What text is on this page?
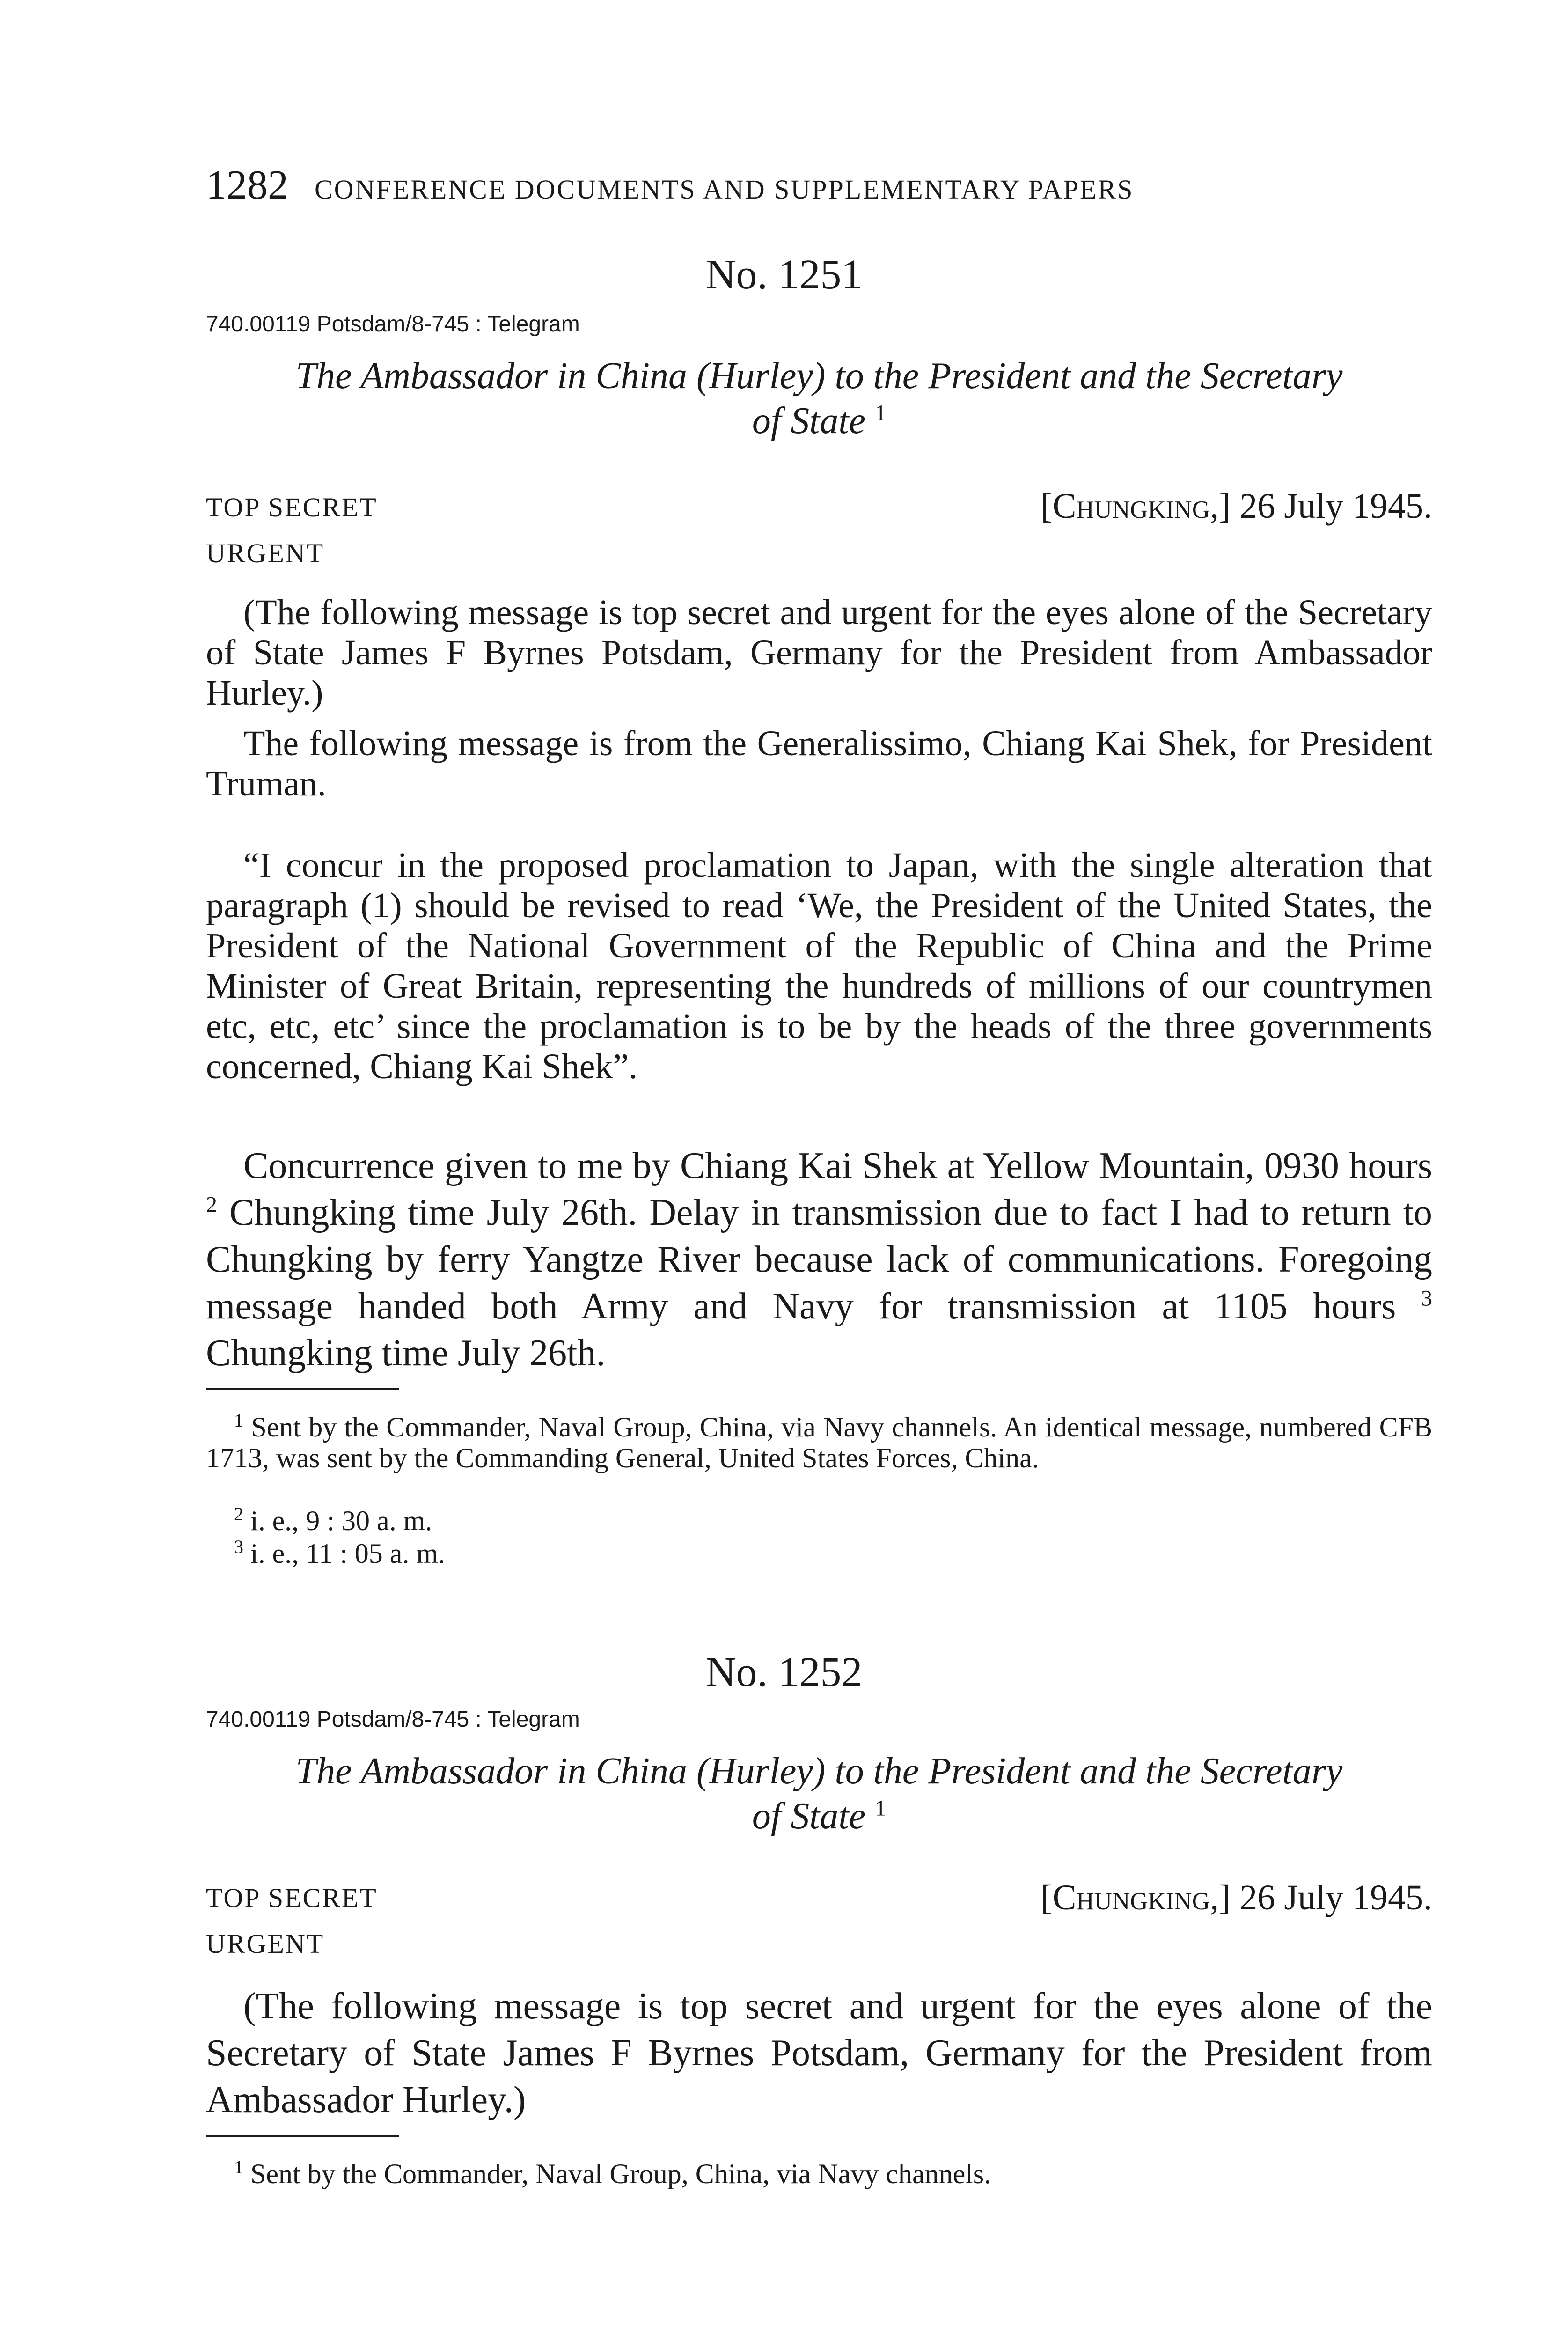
1282 CONFERENCE DOCUMENTS AND SUPPLEMENTARY PAPERS
No. 1251
740.00119 Potsdam/8-745 : Telegram
The Ambassador in China (Hurley) to the President and the Secretary
of State $^1$
TOP SECRET
URGENT
[Chungking,] 26 July 1945.
(The following message is top secret and urgent for the eyes alone of the Secretary of State James F Byrnes Potsdam, Germany for the President from Ambassador Hurley.)
The following message is from the Generalissimo, Chiang Kai Shek, for President Truman.
“I concur in the proposed proclamation to Japan, with the single alteration that paragraph (1) should be revised to read ‘We, the President of the United States, the President of the National Government of the Republic of China and the Prime Minister of Great Britain, representing the hundreds of millions of our countrymen etc, etc, etc’ since the proclamation is to be by the heads of the three governments concerned, Chiang Kai Shek”.
Concurrence given to me by Chiang Kai Shek at Yellow Mountain, 0930 hours $^2$ Chungking time July 26th. Delay in transmission due to fact I had to return to Chungking by ferry Yangtze River because lack of communications. Foregoing message handed both Army and Navy for transmission at 1105 hours $^3$ Chungking time July 26th.
$^1$ Sent by the Commander, Naval Group, China, via Navy channels. An identical message, numbered CFB 1713, was sent by the Commanding General, United States Forces, China.
$^2$ i. e., 9 : 30 a. m.
$^3$ i. e., 11 : 05 a. m.
No. 1252
740.00119 Potsdam/8-745 : Telegram
The Ambassador in China (Hurley) to the President and the Secretary
of State $^1$
TOP SECRET
URGENT
[Chungking,] 26 July 1945.
(The following message is top secret and urgent for the eyes alone of the Secretary of State James F Byrnes Potsdam, Germany for the President from Ambassador Hurley.)
$^1$ Sent by the Commander, Naval Group, China, via Navy channels.
